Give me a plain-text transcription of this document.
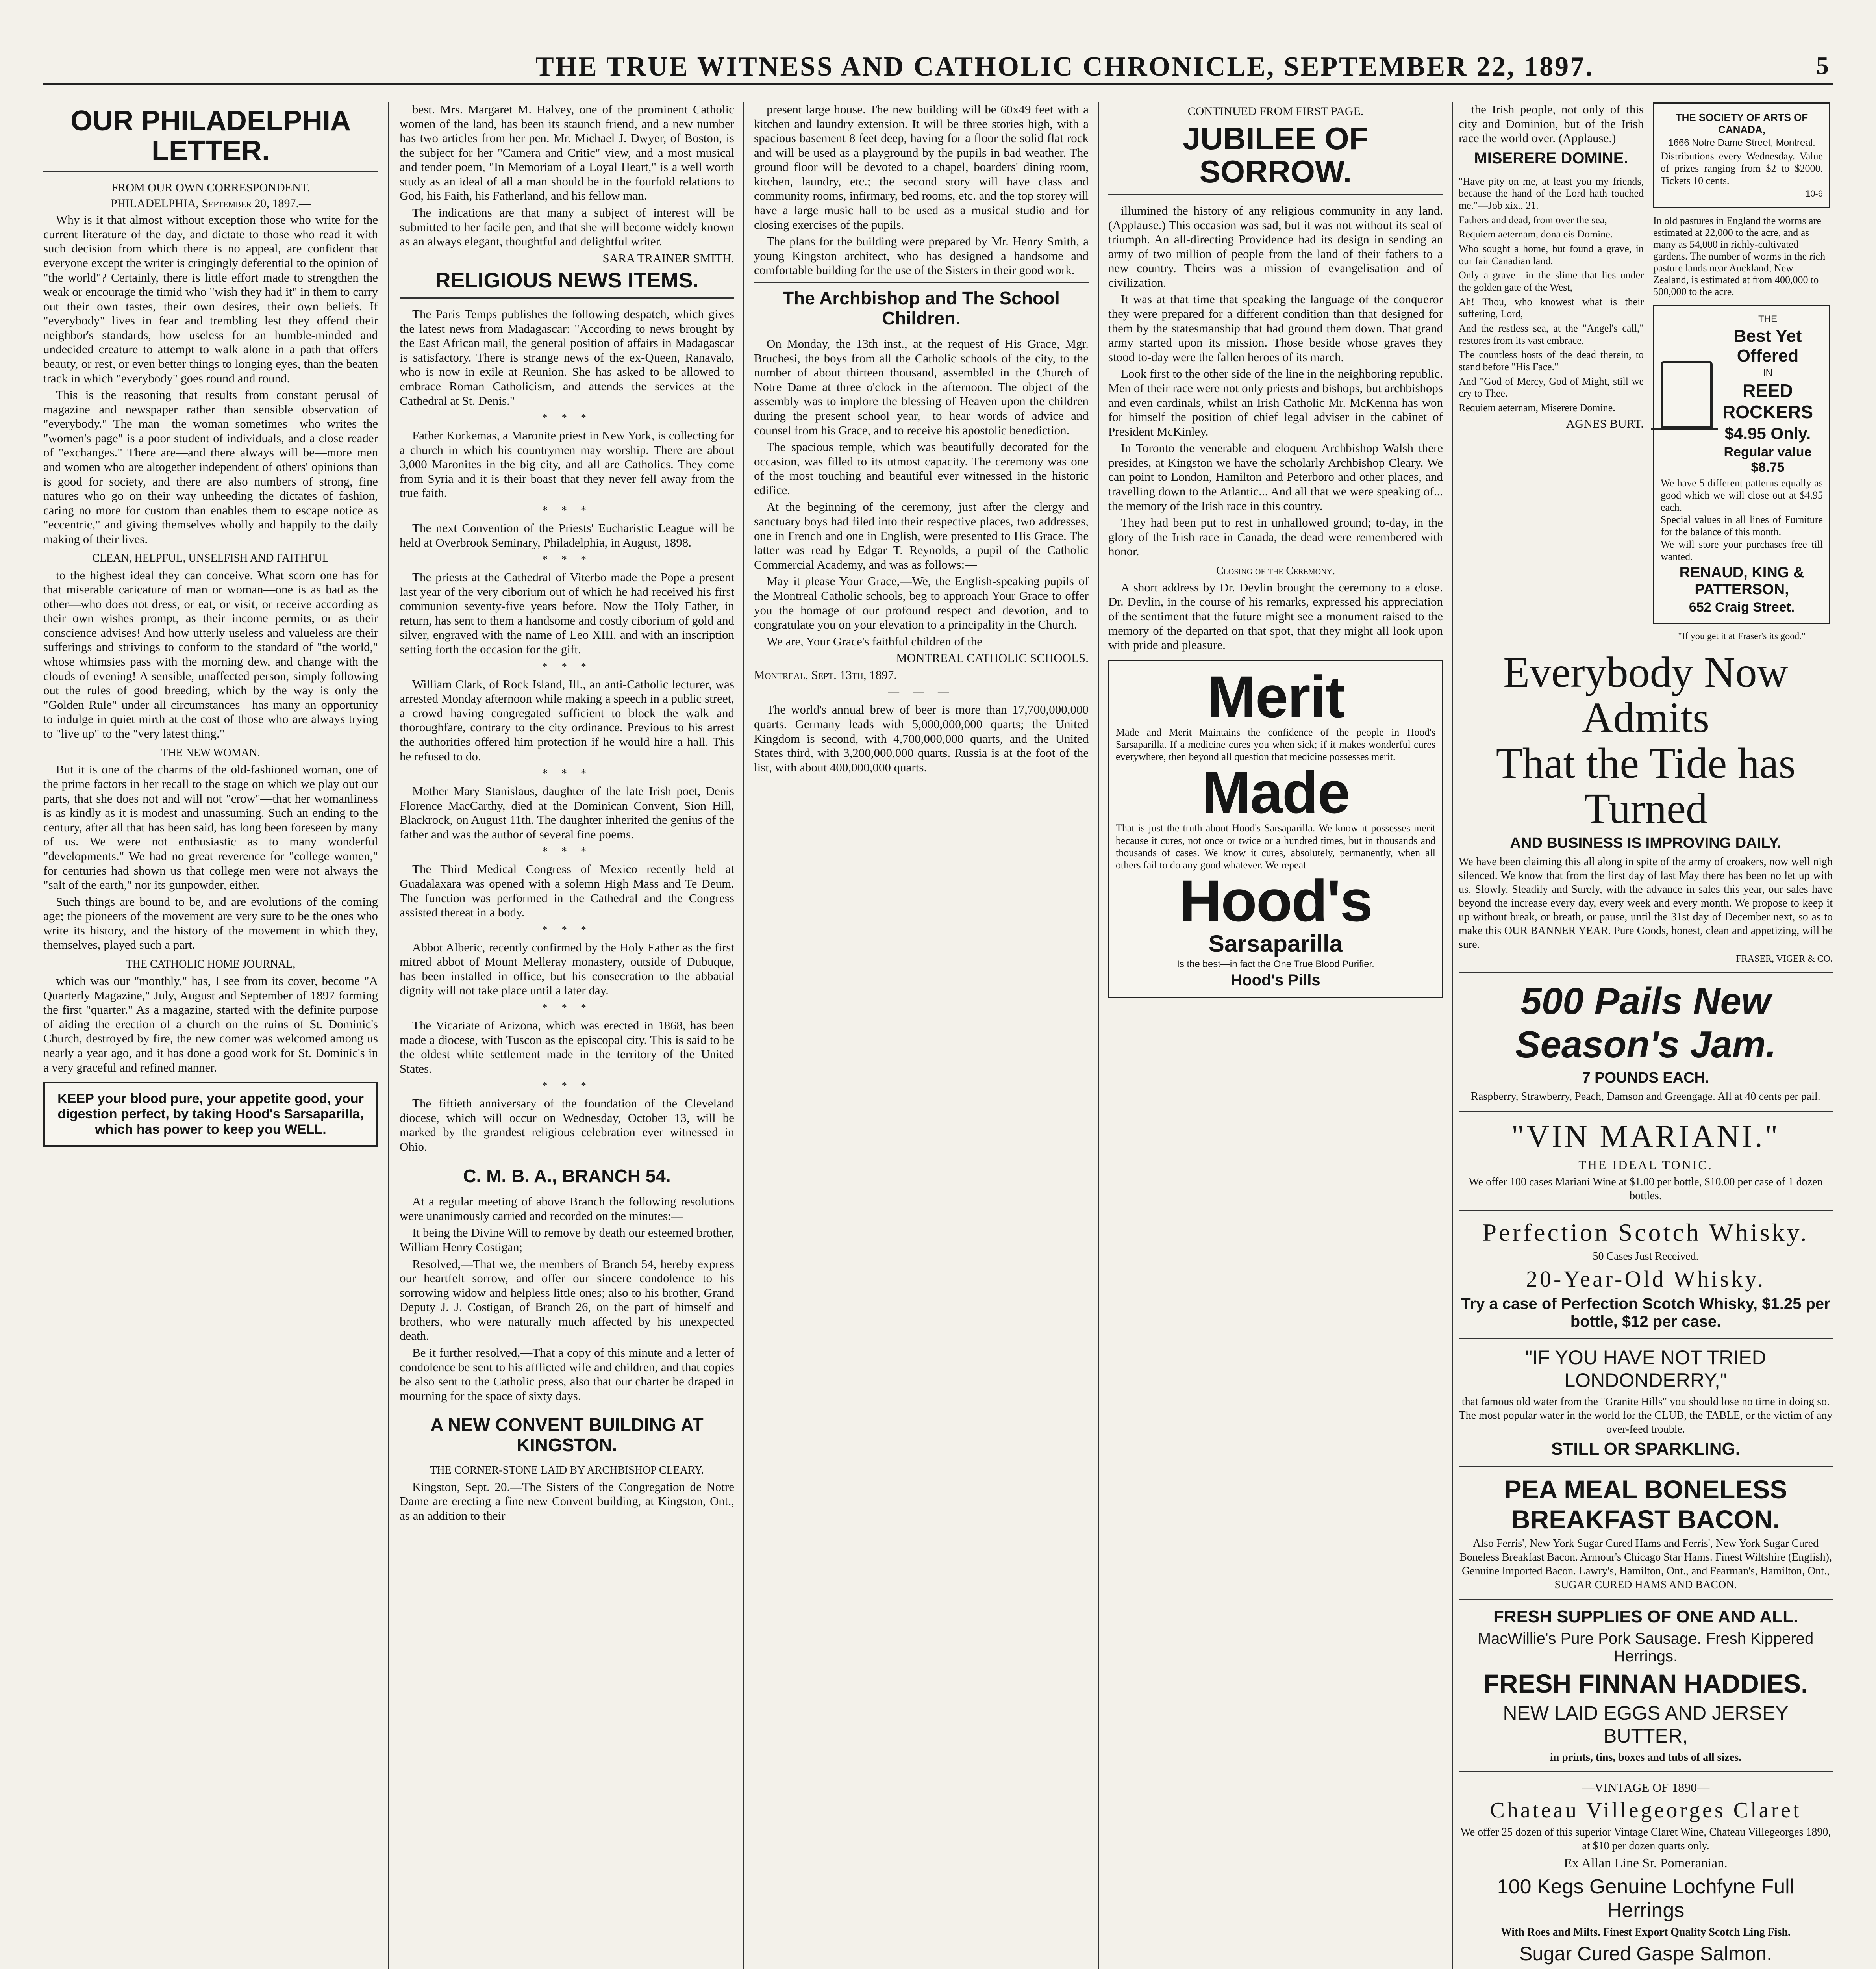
THE TRUE WITNESS AND CATHOLIC CHRONICLE, SEPTEMBER 22, 1897.	5
OUR PHILADELPHIA LETTER.
FROM OUR OWN CORRESPONDENT.
PHILADELPHIA, September 20, 1897.—

Why is it that almost without exception those who write for the current literature of the day, and dictate to those who read it with such decision from which there is no appeal, are confident that everyone except the writer is cringingly deferential to the opinion of "the world"? Certainly, there is little effort made to strengthen the weak or encourage the timid who "wish they had it" in them to carry out their own tastes, their own desires, their own beliefs. If "everybody" lives in fear and trembling lest they offend their neighbor's standards, how useless for an humble-minded and undecided creature to attempt to walk alone in a path that offers beauty, or rest, or even better things to longing eyes, than the beaten track in which "everybody" goes round and round.

This is the reasoning that results from constant perusal of magazine and newspaper rather than sensible observation of "everybody." The man—the woman sometimes—who writes the "women's page" is a poor student of individuals, and a close reader of "exchanges." There are—and there always will be—more men and women who are altogether independent of others' opinions than is good for society, and there are also numbers of strong, fine natures who go on their way unheeding the dictates of fashion, caring no more for custom than enables them to escape notice as "eccentric," and giving themselves wholly and happily to the daily making of their lives.

CLEAN, HELPFUL, UNSELFISH AND FAITHFUL

to the highest ideal they can conceive. What scorn one has for that miserable caricature of man or woman—one is as bad as the other—who does not dress, or eat, or visit, or receive according as their own wishes prompt, as their income permits, or as their conscience advises! And how utterly useless and valueless are their sufferings and strivings to conform to the standard of "the world," whose whimsies pass with the morning dew, and change with the clouds of evening! A sensible, unaffected person, simply following out the rules of good breeding, which by the way is only the "Golden Rule" under all circumstances—has many an opportunity to indulge in quiet mirth at the cost of those who are always trying to "live up" to the "very latest thing."

THE NEW WOMAN.

But it is one of the charms of the old-fashioned woman, one of the prime factors in her recall to the stage on which we play out our parts, that she does not and will not "crow"—that her womanliness is as kindly as it is modest and unassuming. Such an ending to the century, after all that has been said, has long been foreseen by many of us. We were not enthusiastic as to many wonderful "developments." We had no great reverence for "college women," for centuries had shown us that college men were not always the "salt of the earth," nor its gunpowder, either.

Such things are bound to be, and are evolutions of the coming age; the pioneers of the movement are very sure to be the ones who write its history, and the history of the movement in which they, themselves, played such a part.

THE CATHOLIC HOME JOURNAL,

which was our "monthly," has, I see from its cover, become "A Quarterly Magazine," July, August and September of 1897 forming the first "quarter." As a magazine, started with the definite purpose of aiding the erection of a church on the ruins of St. Dominic's Church, destroyed by fire, the new comer was welcomed among us nearly a year ago, and it has done a good work for St. Dominic's in a very graceful and refined manner.

KEEP your blood pure, your appetite good, your digestion perfect, by taking Hood's Sarsaparilla, which has power to keep you WELL.

best. Mrs. Margaret M. Halvey, one of the prominent Catholic women of the land, has been its staunch friend, and a new number has two articles from her pen. Mr. Michael J. Dwyer, of Boston, is the subject for her "Camera and Critic" view, and a most musical and tender poem, "In Memoriam of a Loyal Heart," is a well worth study as an ideal of all a man should be in the fourfold relations to God, his Faith, his Fatherland, and his fellow man.

The indications are that many a subject of interest will be submitted to her facile pen, and that she will become widely known as an always elegant, thoughtful and delightful writer.

SARA TRAINER SMITH.

RELIGIOUS NEWS ITEMS.

The Paris Temps publishes the following despatch, which gives the latest news from Madagascar: "According to news brought by the East African mail, the general position of affairs in Madagascar is satisfactory. There is strange news of the ex-Queen, Ranavalo, who is now in exile at Reunion. She has asked to be allowed to embrace Roman Catholicism, and attends the services at the Cathedral at St. Denis."

* * *

Father Korkemas, a Maronite priest in New York, is collecting for a church in which his countrymen may worship. There are about 3,000 Maronites in the big city, and all are Catholics. They come from Syria and it is their boast that they never fell away from the true faith.

* * *

The next Convention of the Priests' Eucharistic League will be held at Overbrook Seminary, Philadelphia, in August, 1898.

* * *

The priests at the Cathedral of Viterbo made the Pope a present last year of the very ciborium out of which he had received his first communion seventy-five years before. Now the Holy Father, in return, has sent to them a handsome and costly ciborium of gold and silver, engraved with the name of Leo XIII. and with an inscription setting forth the occasion for the gift.

* * *

William Clark, of Rock Island, Ill., an anti-Catholic lecturer, was arrested Monday afternoon while making a speech in a public street, a crowd having congregated sufficient to block the walk and thoroughfare, contrary to the city ordinance. Previous to his arrest the authorities offered him protection if he would hire a hall. This he refused to do.

* * *

Mother Mary Stanislaus, daughter of the late Irish poet, Denis Florence MacCarthy, died at the Dominican Convent, Sion Hill, Blackrock, on August 11th. The daughter inherited the genius of the father and was the author of several fine poems.

* * *

The Third Medical Congress of Mexico recently held at Guadalaxara was opened with a solemn High Mass and Te Deum. The function was performed in the Cathedral and the Congress assisted thereat in a body.

* * *

Abbot Alberic, recently confirmed by the Holy Father as the first mitred abbot of Mount Melleray monastery, outside of Dubuque, has been installed in office, but his consecration to the abbatial dignity will not take place until a later day.

* * *

The Vicariate of Arizona, which was erected in 1868, has been made a diocese, with Tuscon as the episcopal city. This is said to be the oldest white settlement made in the territory of the United States.

* * *

The fiftieth anniversary of the foundation of the Cleveland diocese, which will occur on Wednesday, October 13, will be marked by the grandest religious celebration ever witnessed in Ohio.

C. M. B. A., BRANCH 54.

At a regular meeting of above Branch the following resolutions were unanimously carried and recorded on the minutes:—

It being the Divine Will to remove by death our esteemed brother, William Henry Costigan;

Resolved,—That we, the members of Branch 54, hereby express our heartfelt sorrow, and offer our sincere condolence to his sorrowing widow and helpless little ones; also to his brother, Grand Deputy J. J. Costigan, of Branch 26, on the part of himself and brothers, who were naturally much affected by his unexpected death.

Be it further resolved,—That a copy of this minute and a letter of condolence be sent to his afflicted wife and children, and that copies be also sent to the Catholic press, also that our charter be draped in mourning for the space of sixty days.

A NEW CONVENT BUILDING AT KINGSTON.

THE CORNER-STONE LAID BY ARCHBISHOP CLEARY.

Kingston, Sept. 20.—The Sisters of the Congregation de Notre Dame are erecting a fine new Convent building, at Kingston, Ont., as an addition to their

present large house. The new building will be 60x49 feet with a kitchen and laundry extension. It will be three stories high, with a spacious basement 8 feet deep, having for a floor the solid flat rock and will be used as a playground by the pupils in bad weather. The ground floor will be devoted to a chapel, boarders' dining room, kitchen, laundry, etc.; the second story will have class and community rooms, infirmary, bed rooms, etc. and the top storey will have a large music hall to be used as a musical studio and for closing exercises of the pupils.

The plans for the building were prepared by Mr. Henry Smith, a young Kingston architect, who has designed a handsome and comfortable building for the use of the Sisters in their good work.

The Archbishop and The School Children.

On Monday, the 13th inst., at the request of His Grace, Mgr. Bruchesi, the boys from all the Catholic schools of the city, to the number of about thirteen thousand, assembled in the Church of Notre Dame at three o'clock in the afternoon. The object of the assembly was to implore the blessing of Heaven upon the children during the present school year,—to hear words of advice and counsel from his Grace, and to receive his apostolic benediction.

The spacious temple, which was beautifully decorated for the occasion, was filled to its utmost capacity. The ceremony was one of the most touching and beautiful ever witnessed in the historic edifice.

At the beginning of the ceremony, just after the clergy and sanctuary boys had filed into their respective places, two addresses, one in French and one in English, were presented to His Grace. The latter was read by Edgar T. Reynolds, a pupil of the Catholic Commercial Academy, and was as follows:—

May it please Your Grace,—We, the English-speaking pupils of the Montreal Catholic schools, beg to approach Your Grace to offer you the homage of our profound respect and devotion, and to congratulate you on your elevation to a principality in the Church.

We are, Your Grace's faithful children of the

MONTREAL CATHOLIC SCHOOLS.

Montreal, Sept. 13th, 1897.

— — —

The world's annual brew of beer is more than 17,700,000,000 quarts. Germany leads with 5,000,000,000 quarts; the United Kingdom is second, with 4,700,000,000 quarts, and the United States third, with 3,200,000,000 quarts. Russia is at the foot of the list, with about 400,000,000 quarts.

CONTINUED FROM FIRST PAGE.
JUBILEE OF SORROW.

illumined the history of any religious community in any land. (Applause.) This occasion was sad, but it was not without its seal of triumph. An all-directing Providence had its design in sending an army of two million of people from the land of their fathers to a new country. Theirs was a mission of evangelisation and of civilization.

It was at that time that speaking the language of the conqueror they were prepared for a different condition than that designed for them by the statesmanship that had ground them down. That grand army started upon its mission. Those beside whose graves they stood to-day were the fallen heroes of its march.

Look first to the other side of the line in the neighboring republic. Men of their race were not only priests and bishops, but archbishops and even cardinals, whilst an Irish Catholic Mr. McKenna has won for himself the position of chief legal adviser in the cabinet of President McKinley.

In Toronto the venerable and eloquent Archbishop Walsh there presides, at Kingston we have the scholarly Archbishop Cleary. We can point to London, Hamilton and Peterboro and other places, and travelling down to the Atlantic... And all that we were speaking of... the memory of the Irish race in this country.

They had been put to rest in unhallowed ground; to-day, in the glory of the Irish race in Canada, the dead were remembered with honor.

Closing of the Ceremony.

A short address by Dr. Devlin brought the ceremony to a close. Dr. Devlin, in the course of his remarks, expressed his appreciation of the sentiment that the future might see a monument raised to the memory of the departed on that spot, that they might all look upon with pride and pleasure.

Merit
Made and Merit Maintains the confidence of the people in Hood's Sarsaparilla. If a medicine cures you when sick; if it makes wonderful cures everywhere, then beyond all question that medicine possesses merit.
Made
That is just the truth about Hood's Sarsaparilla. We know it possesses merit because it cures, not once or twice or a hundred times, but in thousands and thousands of cases. We know it cures, absolutely, permanently, when all others fail to do any good whatever. We repeat
Hood's
Sarsaparilla
Is the best—in fact the One True Blood Purifier.
Hood's Pills

the Irish people, not only of this city and Dominion, but of the Irish race the world over. (Applause.)

MISERERE DOMINE.

"Have pity on me, at least you my friends, because the hand of the Lord hath touched me."—Job xix., 21.

Fathers and dead, from over the sea,

Requiem aeternam, dona eis Domine.

Who sought a home, but found a grave, in our fair Canadian land.

Only a grave—in the slime that lies under the golden gate of the West,

Ah! Thou, who knowest what is their suffering, Lord,

And the restless sea, at the "Angel's call," restores from its vast embrace,

The countless hosts of the dead therein, to stand before "His Face."

And "God of Mercy, God of Might, still we cry to Thee.

Requiem aeternam, Miserere Domine.

AGNES BURT.

THE SOCIETY OF ARTS OF CANADA,
1666 Notre Dame Street, Montreal.
Distributions every Wednesday. Value of prizes ranging from $2 to $2000. Tickets 10 cents.
10-6
In old pastures in England the worms are estimated at 22,000 to the acre, and as many as 54,000 in richly-cultivated gardens. The number of worms in the rich pasture lands near Auckland, New Zealand, is estimated at from 400,000 to 500,000 to the acre.
THE
Best Yet Offered
IN
REED ROCKERS
$4.95 Only.
Regular value $8.75
We have 5 different patterns equally as good which we will close out at $4.95 each.
Special values in all lines of Furniture for the balance of this month.
We will store your purchases free till wanted.
RENAUD, KING & PATTERSON,
652 Craig Street.
"If you get it at Fraser's its good."
Everybody Now Admits
That the Tide has Turned
AND BUSINESS IS IMPROVING DAILY.
We have been claiming this all along in spite of the army of croakers, now well nigh silenced. We know that from the first day of last May there has been no let up with us. Slowly, Steadily and Surely, with the advance in sales this year, our sales have beyond the increase every day, every week and every month. We propose to keep it up without break, or breath, or pause, until the 31st day of December next, so as to make this OUR BANNER YEAR. Pure Goods, honest, clean and appetizing, will be sure.
FRASER, VIGER & CO.
500 Pails New Season's Jam.
7 POUNDS EACH.
Raspberry, Strawberry, Peach, Damson and Greengage. All at 40 cents per pail.
"VIN MARIANI."
THE IDEAL TONIC.
We offer 100 cases Mariani Wine at $1.00 per bottle, $10.00 per case of 1 dozen bottles.
Perfection Scotch Whisky.
50 Cases Just Received.
20-Year-Old Whisky.
Try a case of Perfection Scotch Whisky, $1.25 per bottle, $12 per case.
"IF YOU HAVE NOT TRIED LONDONDERRY,"
that famous old water from the "Granite Hills" you should lose no time in doing so. The most popular water in the world for the CLUB, the TABLE, or the victim of any over-feed trouble.
STILL OR SPARKLING.
PEA MEAL BONELESS BREAKFAST BACON.
Also Ferris', New York Sugar Cured Hams and Ferris', New York Sugar Cured Boneless Breakfast Bacon. Armour's Chicago Star Hams. Finest Wiltshire (English), Genuine Imported Bacon. Lawry's, Hamilton, Ont., and Fearman's, Hamilton, Ont., SUGAR CURED HAMS AND BACON.
FRESH SUPPLIES OF ONE AND ALL.
MacWillie's Pure Pork Sausage. Fresh Kippered Herrings.
FRESH FINNAN HADDIES.
NEW LAID EGGS AND JERSEY BUTTER,
in prints, tins, boxes and tubs of all sizes.
—VINTAGE OF 1890—
Chateau Villegeorges Claret
We offer 25 dozen of this superior Vintage Claret Wine, Chateau Villegeorges 1890, at $10 per dozen quarts only.
Ex Allan Line Sr. Pomeranian.
100 Kegs Genuine Lochfyne Full Herrings
With Roes and Milts. Finest Export Quality Scotch Ling Fish.
Sugar Cured Gaspe Salmon.
